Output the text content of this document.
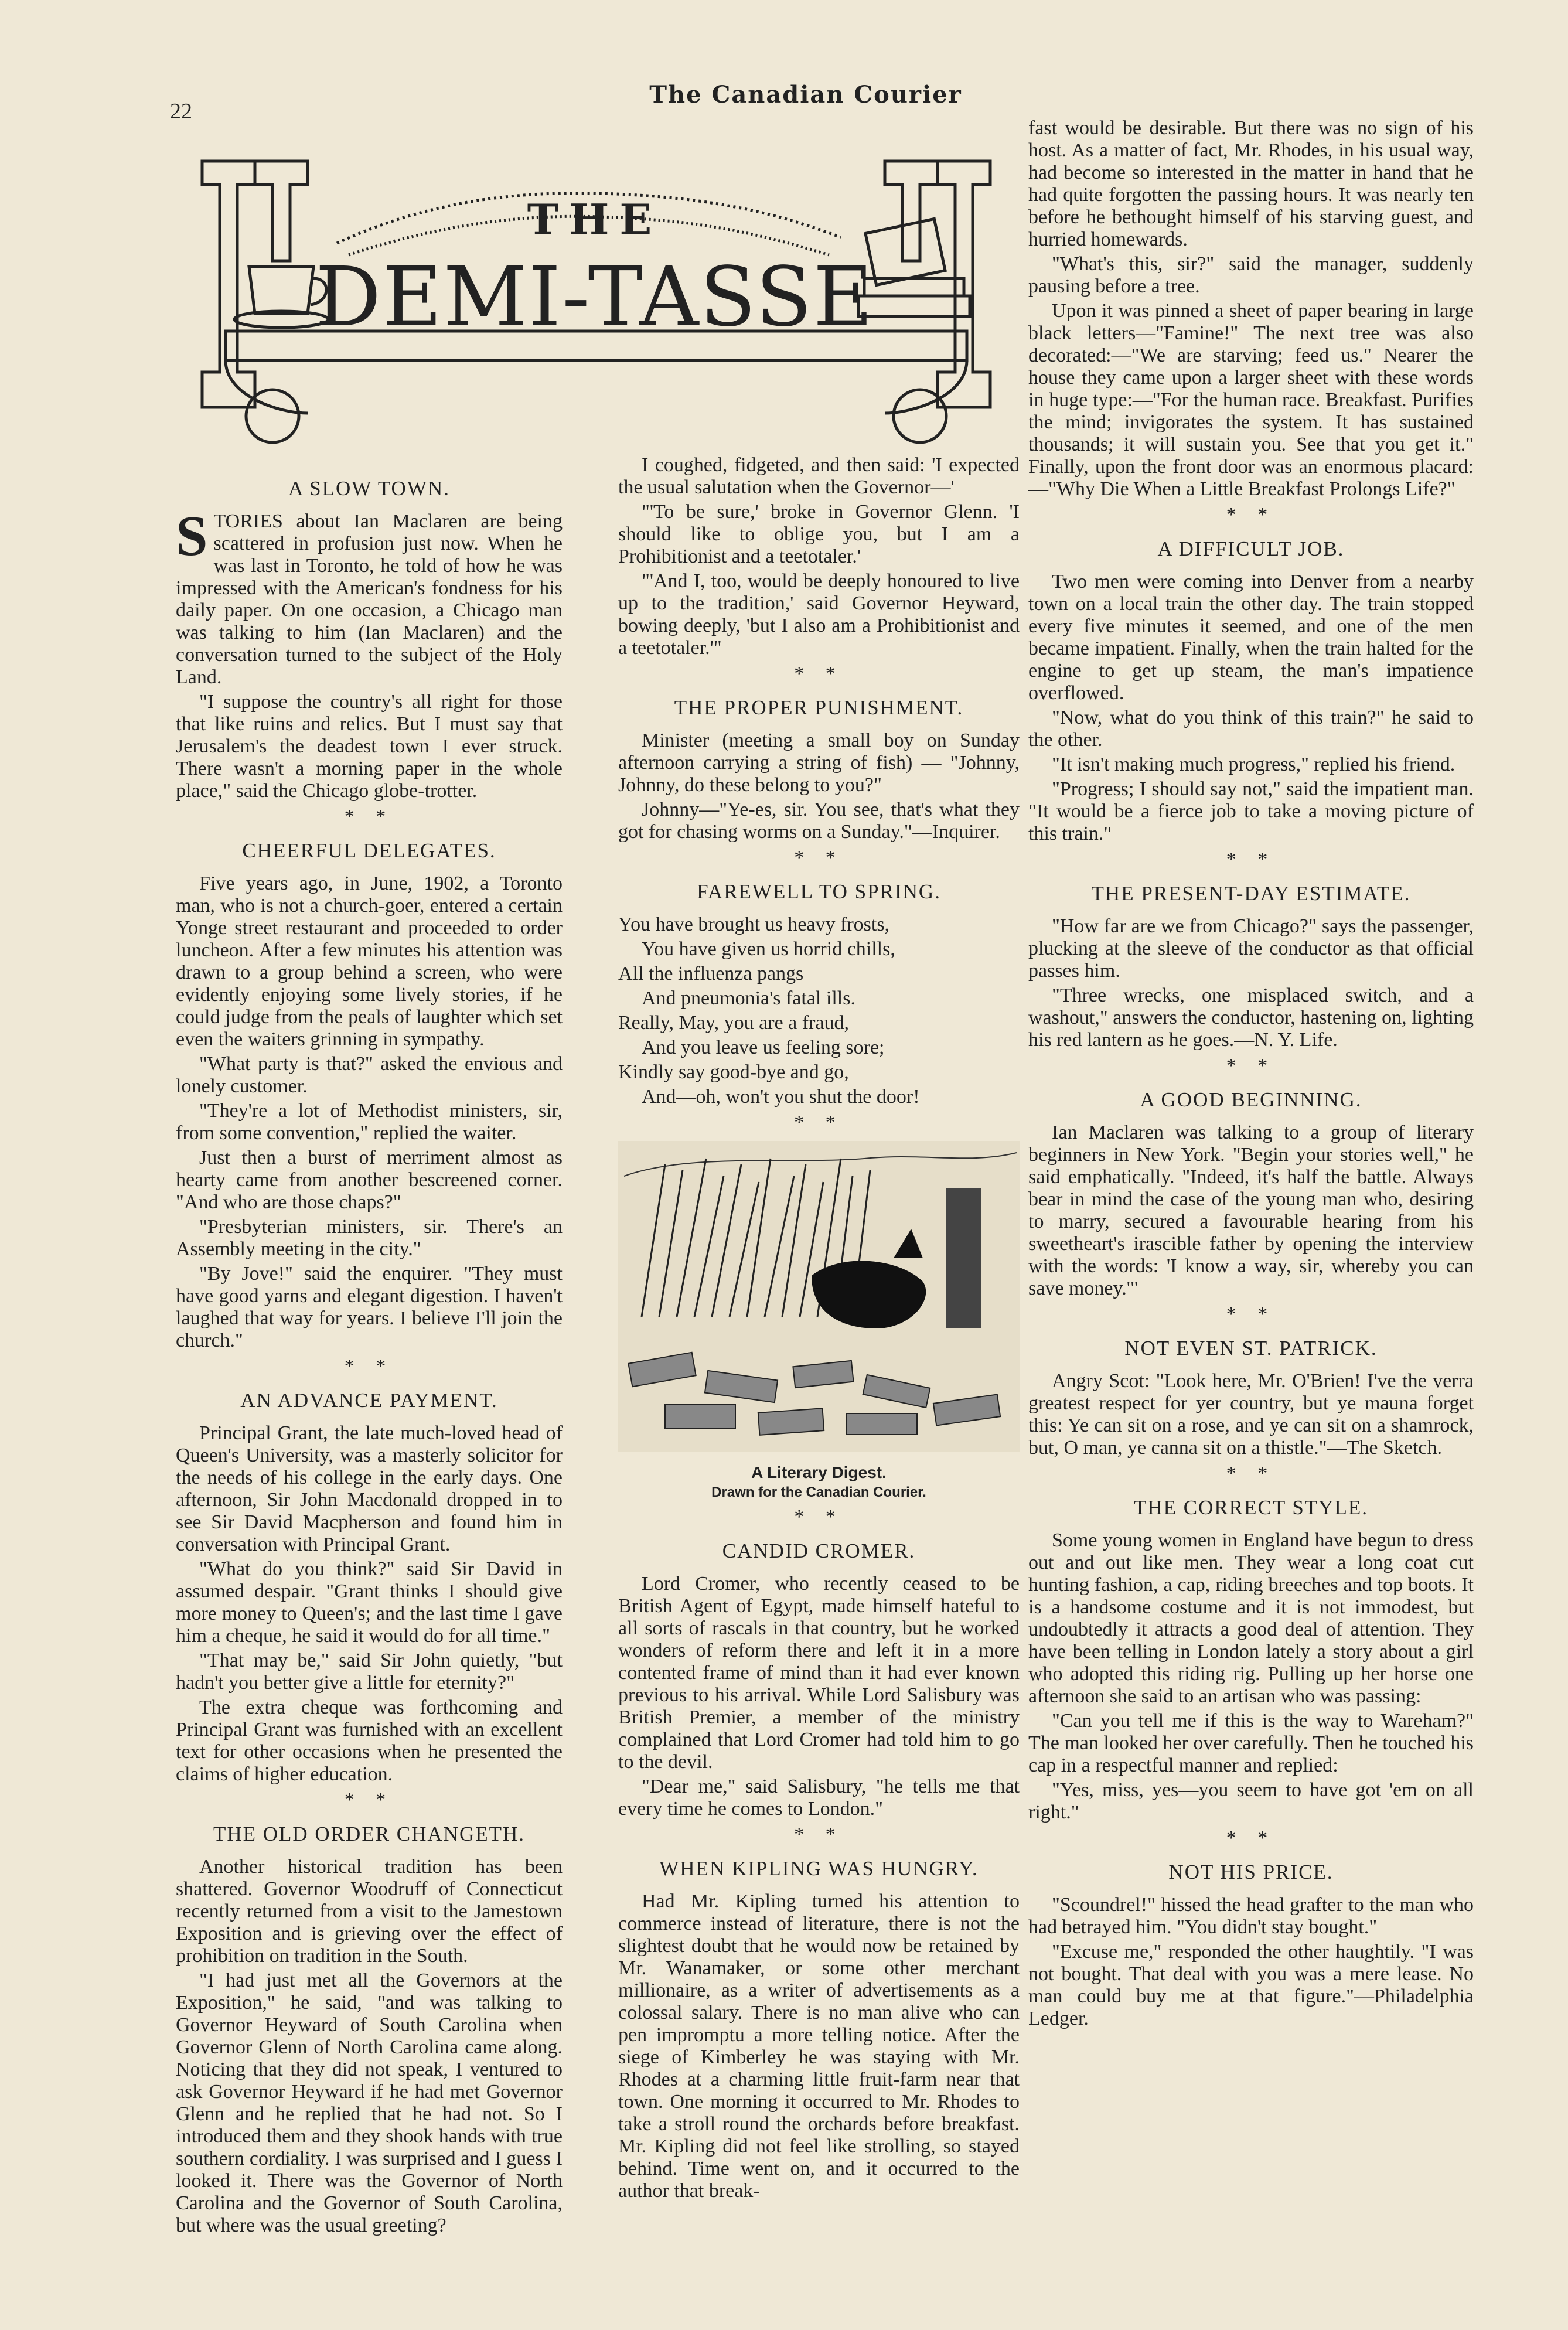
22
The Canadian Courier
THE
DEMI-TASSE
A SLOW TOWN.

STORIES about Ian Maclaren are being scattered in profusion just now. When he was last in Toronto, he told of how he was impressed with the American's fondness for his daily paper. On one occasion, a Chicago man was talking to him (Ian Maclaren) and the conversation turned to the subject of the Holy Land.

"I suppose the country's all right for those that like ruins and relics. But I must say that Jerusalem's the deadest town I ever struck. There wasn't a morning paper in the whole place," said the Chicago globe-trotter.

* *
CHEERFUL DELEGATES.

Five years ago, in June, 1902, a Toronto man, who is not a church-goer, entered a certain Yonge street restaurant and proceeded to order luncheon. After a few minutes his attention was drawn to a group behind a screen, who were evidently enjoying some lively stories, if he could judge from the peals of laughter which set even the waiters grinning in sympathy.

"What party is that?" asked the envious and lonely customer.

"They're a lot of Methodist ministers, sir, from some convention," replied the waiter.

Just then a burst of merriment almost as hearty came from another bescreened corner. "And who are those chaps?"

"Presbyterian ministers, sir. There's an Assembly meeting in the city."

"By Jove!" said the enquirer. "They must have good yarns and elegant digestion. I haven't laughed that way for years. I believe I'll join the church."

* *
AN ADVANCE PAYMENT.

Principal Grant, the late much-loved head of Queen's University, was a masterly solicitor for the needs of his college in the early days. One afternoon, Sir John Macdonald dropped in to see Sir David Macpherson and found him in conversation with Principal Grant.

"What do you think?" said Sir David in assumed despair. "Grant thinks I should give more money to Queen's; and the last time I gave him a cheque, he said it would do for all time."

"That may be," said Sir John quietly, "but hadn't you better give a little for eternity?"

The extra cheque was forthcoming and Principal Grant was furnished with an excellent text for other occasions when he presented the claims of higher education.

* *
THE OLD ORDER CHANGETH.

Another historical tradition has been shattered. Governor Woodruff of Connecticut recently returned from a visit to the Jamestown Exposition and is grieving over the effect of prohibition on tradition in the South.

"I had just met all the Governors at the Exposition," he said, "and was talking to Governor Heyward of South Carolina when Governor Glenn of North Carolina came along. Noticing that they did not speak, I ventured to ask Governor Heyward if he had met Governor Glenn and he replied that he had not. So I introduced them and they shook hands with true southern cordiality. I was surprised and I guess I looked it. There was the Governor of North Carolina and the Governor of South Carolina, but where was the usual greeting?

I coughed, fidgeted, and then said: 'I expected the usual salutation when the Governor—'

"'To be sure,' broke in Governor Glenn. 'I should like to oblige you, but I am a Prohibitionist and a teetotaler.'

"'And I, too, would be deeply honoured to live up to the tradition,' said Governor Heyward, bowing deeply, 'but I also am a Prohibitionist and a teetotaler.'"

* *
THE PROPER PUNISHMENT.

Minister (meeting a small boy on Sunday afternoon carrying a string of fish) — "Johnny, Johnny, do these belong to you?"

Johnny—"Ye-es, sir. You see, that's what they got for chasing worms on a Sunday."—Inquirer.

* *
FAREWELL TO SPRING.

You have brought us heavy frosts,

You have given us horrid chills,

All the influenza pangs

And pneumonia's fatal ills.

Really, May, you are a fraud,

And you leave us feeling sore;

Kindly say good-bye and go,

And—oh, won't you shut the door!

* *
A Literary Digest.
Drawn for the Canadian Courier.
* *
CANDID CROMER.

Lord Cromer, who recently ceased to be British Agent of Egypt, made himself hateful to all sorts of rascals in that country, but he worked wonders of reform there and left it in a more contented frame of mind than it had ever known previous to his arrival. While Lord Salisbury was British Premier, a member of the ministry complained that Lord Cromer had told him to go to the devil.

"Dear me," said Salisbury, "he tells me that every time he comes to London."

* *
WHEN KIPLING WAS HUNGRY.

Had Mr. Kipling turned his attention to commerce instead of literature, there is not the slightest doubt that he would now be retained by Mr. Wanamaker, or some other merchant millionaire, as a writer of advertisements as a colossal salary. There is no man alive who can pen impromptu a more telling notice. After the siege of Kimberley he was staying with Mr. Rhodes at a charming little fruit-farm near that town. One morning it occurred to Mr. Rhodes to take a stroll round the orchards before breakfast. Mr. Kipling did not feel like strolling, so stayed behind. Time went on, and it occurred to the author that break-

fast would be desirable. But there was no sign of his host. As a matter of fact, Mr. Rhodes, in his usual way, had become so interested in the matter in hand that he had quite forgotten the passing hours. It was nearly ten before he bethought himself of his starving guest, and hurried homewards.

"What's this, sir?" said the manager, suddenly pausing before a tree.

Upon it was pinned a sheet of paper bearing in large black letters—"Famine!" The next tree was also decorated:—"We are starving; feed us." Nearer the house they came upon a larger sheet with these words in huge type:—"For the human race. Breakfast. Purifies the mind; invigorates the system. It has sustained thousands; it will sustain you. See that you get it." Finally, upon the front door was an enormous placard:—"Why Die When a Little Breakfast Prolongs Life?"

* *
A DIFFICULT JOB.

Two men were coming into Denver from a nearby town on a local train the other day. The train stopped every five minutes it seemed, and one of the men became impatient. Finally, when the train halted for the engine to get up steam, the man's impatience overflowed.

"Now, what do you think of this train?" he said to the other.

"It isn't making much progress," replied his friend.

"Progress; I should say not," said the impatient man. "It would be a fierce job to take a moving picture of this train."

* *
THE PRESENT-DAY ESTIMATE.

"How far are we from Chicago?" says the passenger, plucking at the sleeve of the conductor as that official passes him.

"Three wrecks, one misplaced switch, and a washout," answers the conductor, hastening on, lighting his red lantern as he goes.—N. Y. Life.

* *
A GOOD BEGINNING.

Ian Maclaren was talking to a group of literary beginners in New York. "Begin your stories well," he said emphatically. "Indeed, it's half the battle. Always bear in mind the case of the young man who, desiring to marry, secured a favourable hearing from his sweetheart's irascible father by opening the interview with the words: 'I know a way, sir, whereby you can save money.'"

* *
NOT EVEN ST. PATRICK.

Angry Scot: "Look here, Mr. O'Brien! I've the verra greatest respect for yer country, but ye mauna forget this: Ye can sit on a rose, and ye can sit on a shamrock, but, O man, ye canna sit on a thistle."—The Sketch.

* *
THE CORRECT STYLE.

Some young women in England have begun to dress out and out like men. They wear a long coat cut hunting fashion, a cap, riding breeches and top boots. It is a handsome costume and it is not immodest, but undoubtedly it attracts a good deal of attention. They have been telling in London lately a story about a girl who adopted this riding rig. Pulling up her horse one afternoon she said to an artisan who was passing:

"Can you tell me if this is the way to Wareham?" The man looked her over carefully. Then he touched his cap in a respectful manner and replied:

"Yes, miss, yes—you seem to have got 'em on all right."

* *
NOT HIS PRICE.

"Scoundrel!" hissed the head grafter to the man who had betrayed him. "You didn't stay bought."

"Excuse me," responded the other haughtily. "I was not bought. That deal with you was a mere lease. No man could buy me at that figure."—Philadelphia Ledger.
